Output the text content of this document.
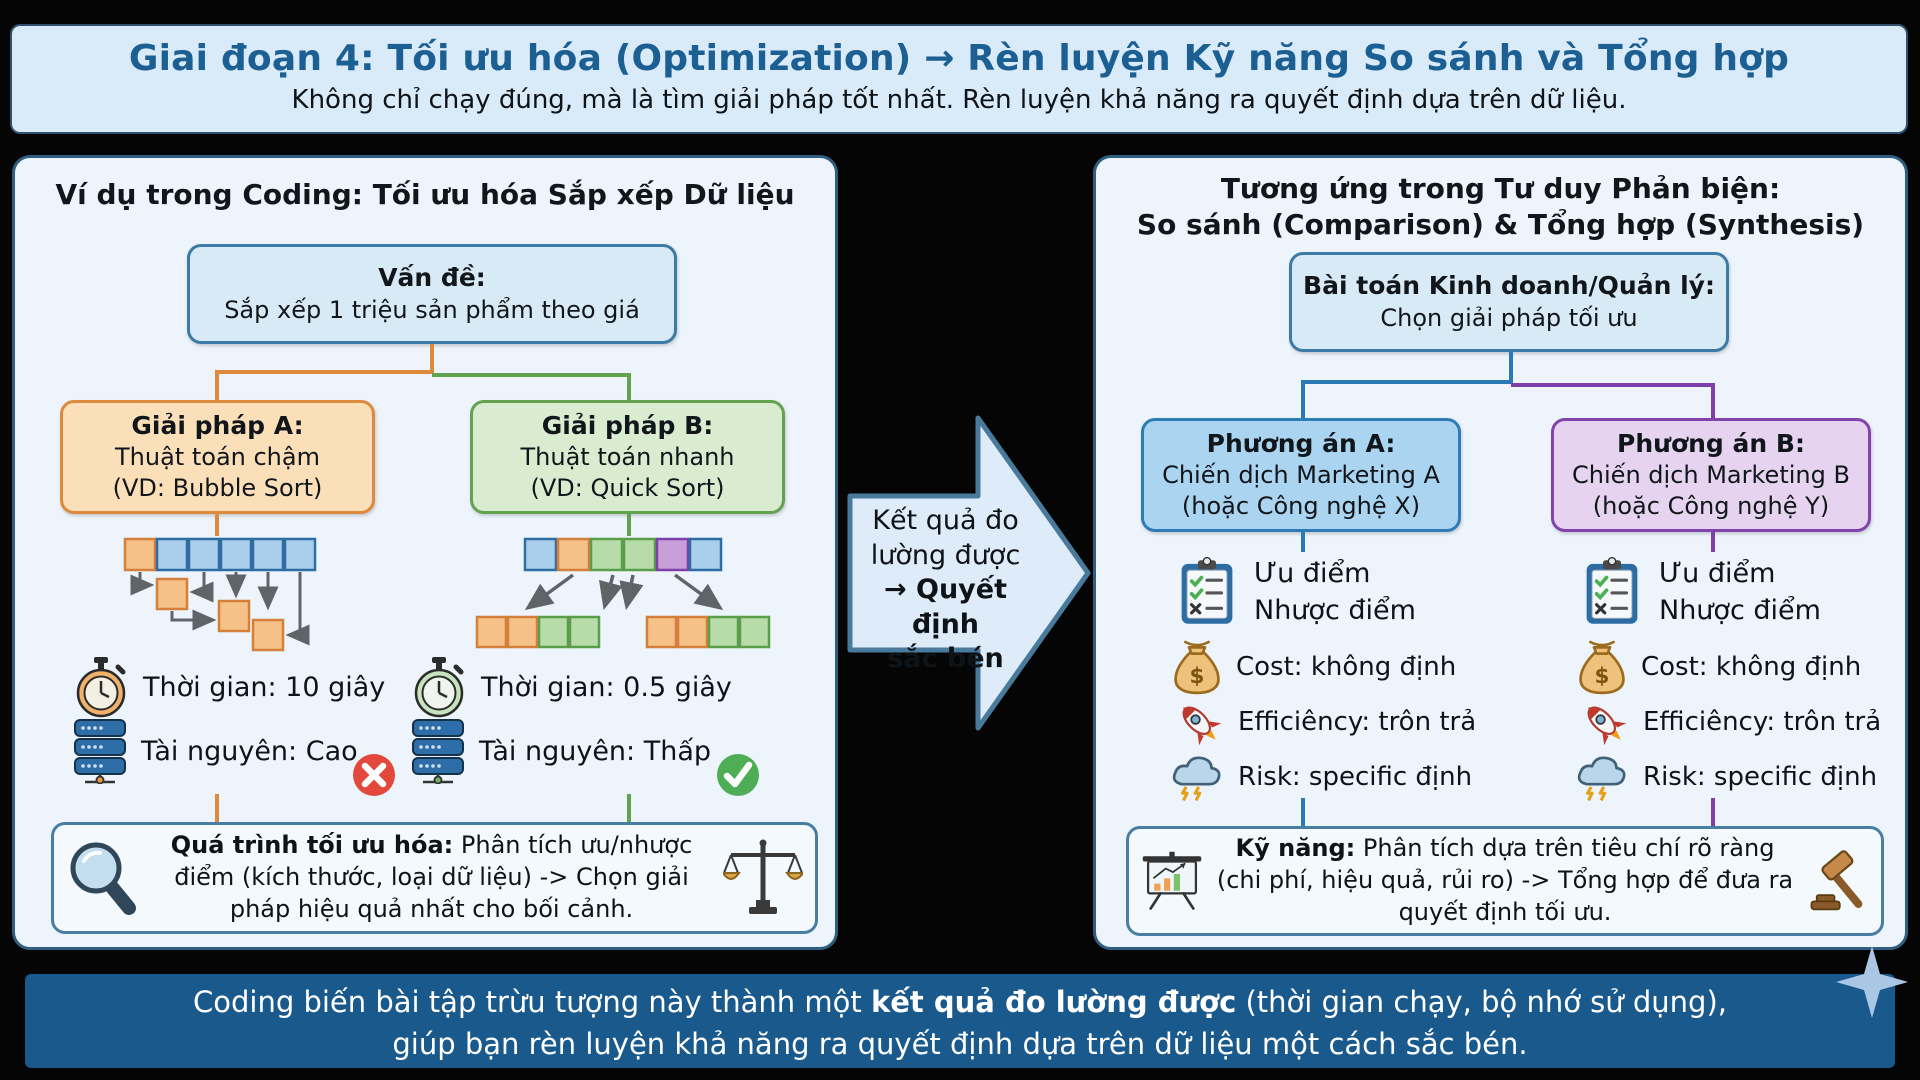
Giai đoạn 4: Tối ưu hóa (Optimization) → Rèn luyện Kỹ năng So sánh và Tổng hợp
Không chỉ chạy đúng, mà là tìm giải pháp tốt nhất. Rèn luyện khả năng ra quyết định dựa trên dữ liệu.
Ví dụ trong Coding: Tối ưu hóa Sắp xếp Dữ liệu
Vấn đề:
Sắp xếp 1 triệu sản phẩm theo giá
Giải pháp A:
Thuật toán chậm
(VD: Bubble Sort)
Giải pháp B:
Thuật toán nhanh
(VD: Quick Sort)
Thời gian: 10 giây
Tài nguyên: Cao
Thời gian: 0.5 giây
Tài nguyên: Thấp
Quá trình tối ưu hóa: Phân tích ưu/nhược điểm (kích thước, loại dữ liệu) -> Chọn giải pháp hiệu quả nhất cho bối cảnh.
Kết quả đo
lường được
→ Quyết định
sắc bén
Tương ứng trong Tư duy Phản biện:
So sánh (Comparison) & Tổng hợp (Synthesis)
Bài toán Kinh doanh/Quản lý:
Chọn giải pháp tối ưu
Phương án A:
Chiến dịch Marketing A
(hoặc Công nghệ X)
Phương án B:
Chiến dịch Marketing B
(hoặc Công nghệ Y)
Ưu điểm
Nhược điểm
$ Cost: không định
Efficiêncy: trôn trả
Risk: specific định
Ưu điểm
Nhược điểm
$ Cost: không định
Efficiêncy: trôn trả
Risk: specific định
Kỹ năng: Phân tích dựa trên tiêu chí rõ ràng (chi phí, hiệu quả, rủi ro) -> Tổng hợp để đưa ra quyết định tối ưu.
Coding biến bài tập trừu tượng này thành một kết quả đo lường được (thời gian chạy, bộ nhớ sử dụng),
giúp bạn rèn luyện khả năng ra quyết định dựa trên dữ liệu một cách sắc bén.
